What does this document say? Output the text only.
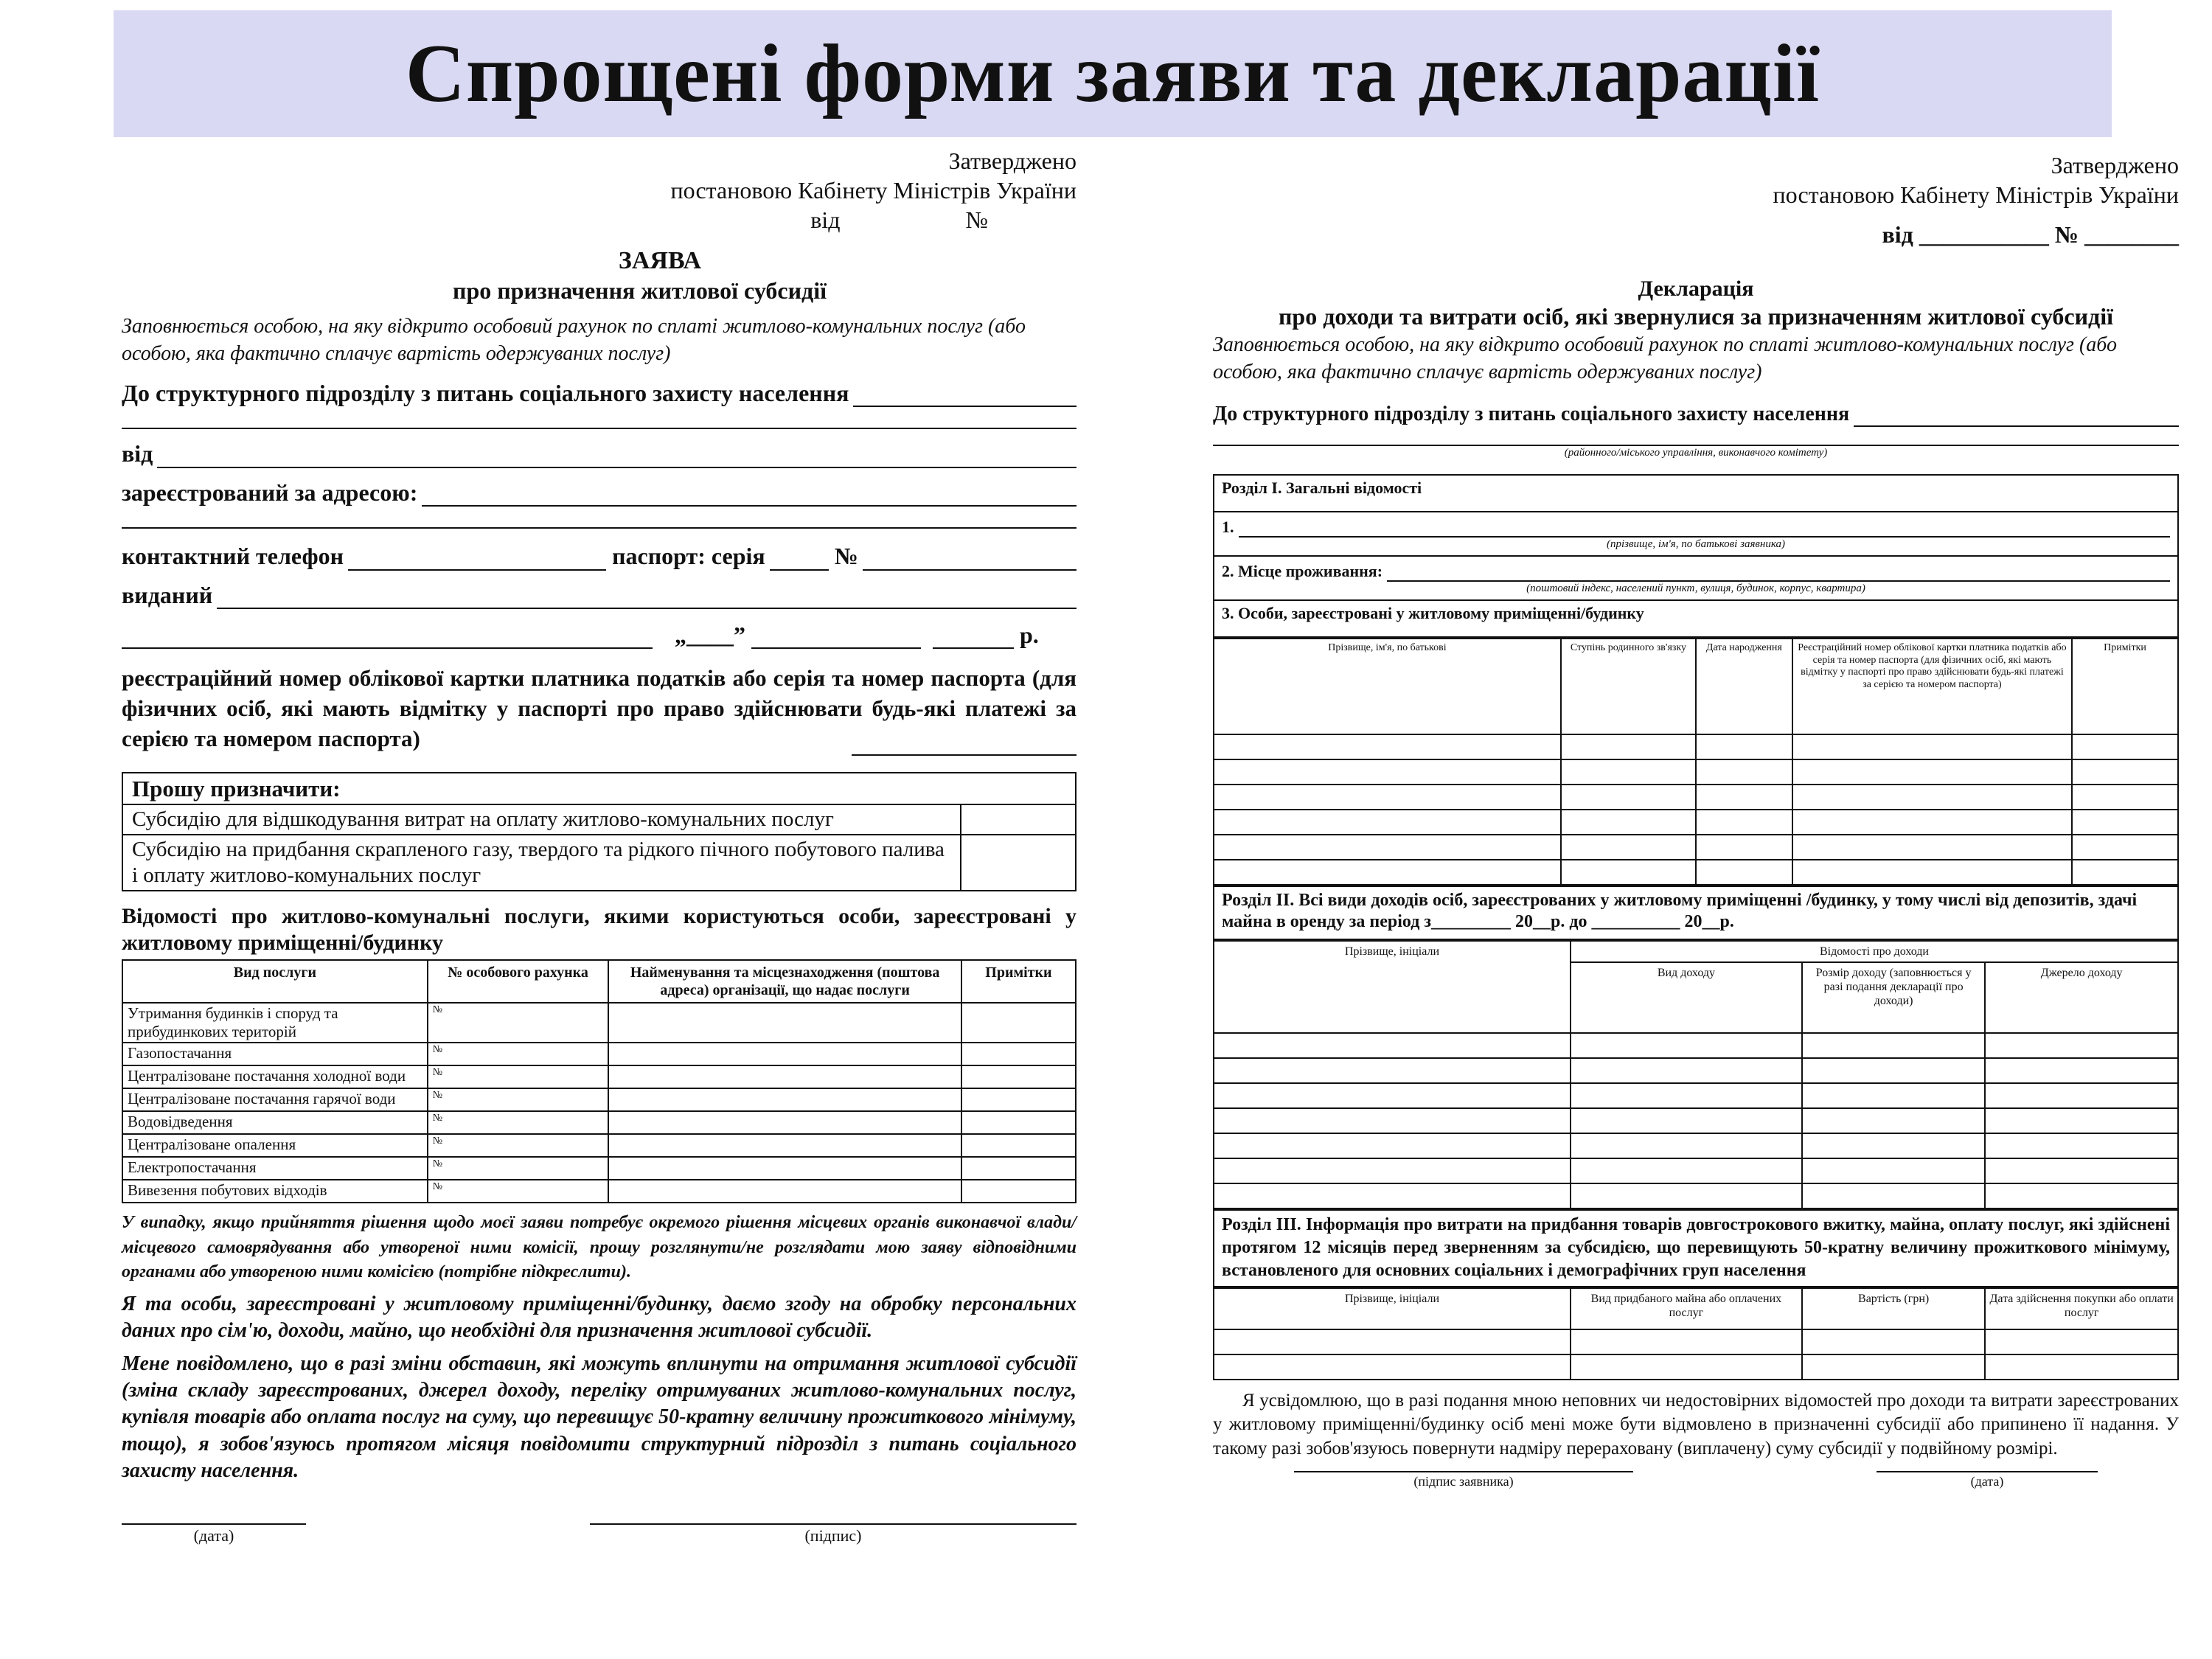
Спрощені форми заяви та декларації
Затверджено
постановою Кабінету Міністрів України
від	№
ЗАЯВА
про призначення житлової субсидії
Заповнюється особою, на яку відкрито особовий рахунок по сплаті житлово-комунальних послуг (або особою, яка фактично сплачує вартість одержуваних послуг)
До структурного підрозділу з питань соціального захисту населення
від
зареєстрований за адресою:
контактний телефон	паспорт: серія	№
виданий
„____”	р.
реєстраційний номер облікової картки платника податків або серія та номер паспорта (для фізичних осіб, які мають відмітку у паспорті про право здійснювати будь-які платежі за серією та номером паспорта)
Прошу призначити:	
Субсидію для відшкодування витрат на оплату житлово-комунальних послуг	
Субсидію на придбання скрапленого газу, твердого та рідкого пічного побутового палива і оплату житлово-комунальних послуг	
Відомості про житлово-комунальні послуги, якими користуються особи, зареєстровані у житловому приміщенні/будинку
Вид послуги	№ особового рахунка	Найменування та місцезнаходження (поштова адреса) організації, що надає послуги	Примітки
Утримання будинків і споруд та прибудинкових територій	№		
Газопостачання	№		
Централізоване постачання холодної води	№		
Централізоване постачання гарячої води	№		
Водовідведення	№		
Централізоване опалення	№		
Електропостачання	№		
Вивезення побутових відходів	№		
У випадку, якщо прийняття рішення щодо моєї заяви потребує окремого рішення місцевих органів виконавчої влади/місцевого самоврядування або утвореної ними комісії, прошу розглянути/не розглядати мою заяву відповідними органами або утвореною ними комісією (потрібне підкреслити).
Я та особи, зареєстровані у житловому приміщенні/будинку, даємо згоду на обробку персональних даних про сім'ю, доходи, майно, що необхідні для призначення житлової субсидії.
Мене повідомлено, що в разі зміни обставин, які можуть вплинути на отримання житлової субсидії (зміна складу зареєстрованих, джерел доходу, переліку отримуваних житлово-комунальних послуг, купівля товарів або оплата послуг на суму, що перевищує 50-кратну величину прожиткового мінімуму, тощо), я зобов'язуюсь протягом місяця повідомити структурний підрозділ з питань соціального захисту населення.
(дата)	(підпис)
Затверджено
постановою Кабінету Міністрів України
від ___________ № ________
Декларація
про доходи та витрати осіб, які звернулися за призначенням житлової субсидії
Заповнюється особою, на яку відкрито особовий рахунок по сплаті житлово-комунальних послуг (або особою, яка фактично сплачує вартість одержуваних послуг)
До структурного підрозділу з питань соціального захисту населення
(районного/міського управління, виконавчого комітету)
Розділ І. Загальні відомості

1.
(прізвище, ім'я, по батькові заявника)

2. Місце проживання:
(поштовий індекс, населений пункт, вулиця, будинок, корпус, квартира)

3. Особи, зареєстровані у житловому приміщенні/будинку
Прізвище, ім'я, по батькові	Ступінь родинного зв'язку	Дата народження	Реєстраційний номер облікової картки платника податків або серія та номер паспорта (для фізичних осіб, які мають відмітку у паспорті про право здійснювати будь-які платежі за серією та номером паспорта)	Примітки

Розділ ІІ. Всі види доходів осіб, зареєстрованих у житловому приміщенні /будинку, у тому числі від депозитів, здачі майна в оренду за період з_________ 20__р. до __________ 20__р.
Прізвище, ініціали	Відомості про доходи		
	Вид доходу	Розмір доходу (заповнюється у разі подання декларації про доходи)	Джерело доходу

Розділ ІІІ. Інформація про витрати на придбання товарів довгострокового вжитку, майна, оплату послуг, які здійснені протягом 12 місяців перед зверненням за субсидією, що перевищують 50-кратну величину прожиткового мінімуму, встановленого для основних соціальних і демографічних груп населення
Прізвище, ініціали	Вид придбаного майна або оплачених послуг	Вартість (грн)	Дата здійснення покупки або оплати послуг

Я усвідомлюю, що в разі подання мною неповних чи недостовірних відомостей про доходи та витрати зареєстрованих у житловому приміщенні/будинку осіб мені може бути відмовлено в призначенні субсидії або припинено її надання. У такому разі зобов'язуюсь повернути надміру перераховану (виплачену) суму субсидії у подвійному розмірі.
(підпис заявника)	(дата)
